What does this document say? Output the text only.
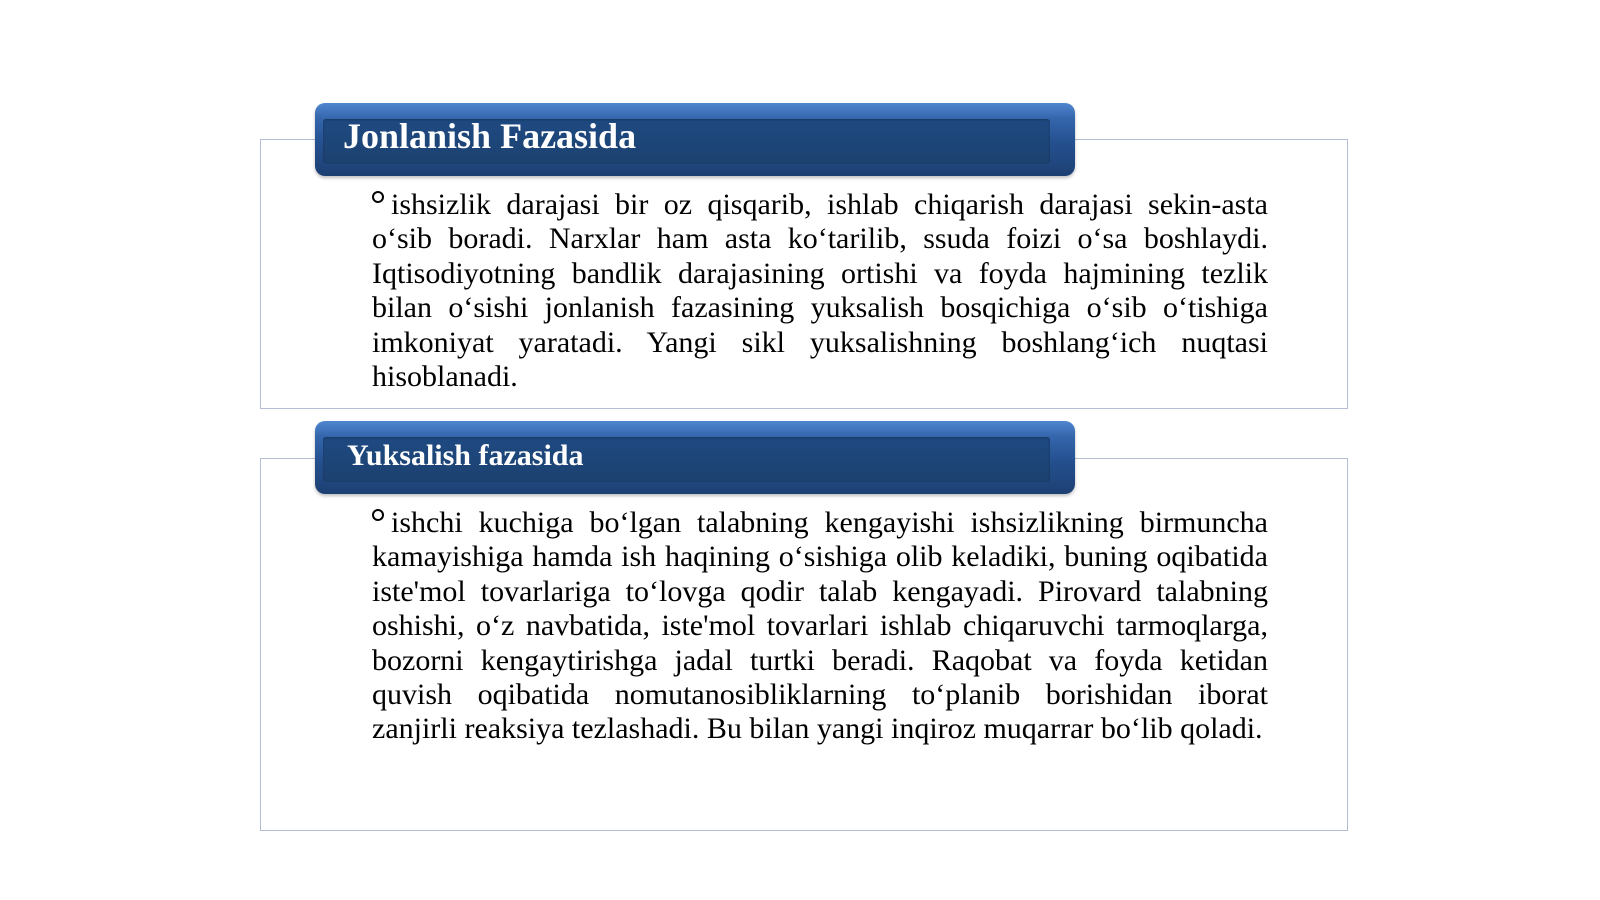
Jonlanish Fazasida
ishsizlik darajasi bir oz qisqarib, ishlab chiqarish darajasi sekin-asta o‘sib boradi. Narxlar ham asta ko‘tarilib, ssuda foizi o‘sa boshlaydi. Iqtisodiyotning bandlik darajasining ortishi va foyda hajmining tezlik bilan o‘sishi jonlanish fazasining yuksalish bosqichiga o‘sib o‘tishiga imkoniyat yaratadi. Yangi sikl yuksalishning boshlang‘ich nuqtasi hisoblanadi.
Yuksalish fazasida
ishchi kuchiga bo‘lgan talabning kengayishi ishsizlikning birmuncha kamayishiga hamda ish haqining o‘sishiga olib keladiki, buning oqibatida iste'mol tovarlariga to‘lovga qodir talab kengayadi. Pirovard talabning oshishi, o‘z navbatida, iste'mol tovarlari ishlab chiqaruvchi tarmoqlarga, bozorni kengaytirishga jadal turtki beradi. Raqobat va foyda ketidan quvish oqibatida nomutanosibliklarning to‘planib borishidan iborat zanjirli reaksiya tezlashadi. Bu bilan yangi inqiroz muqarrar bo‘lib qoladi.
